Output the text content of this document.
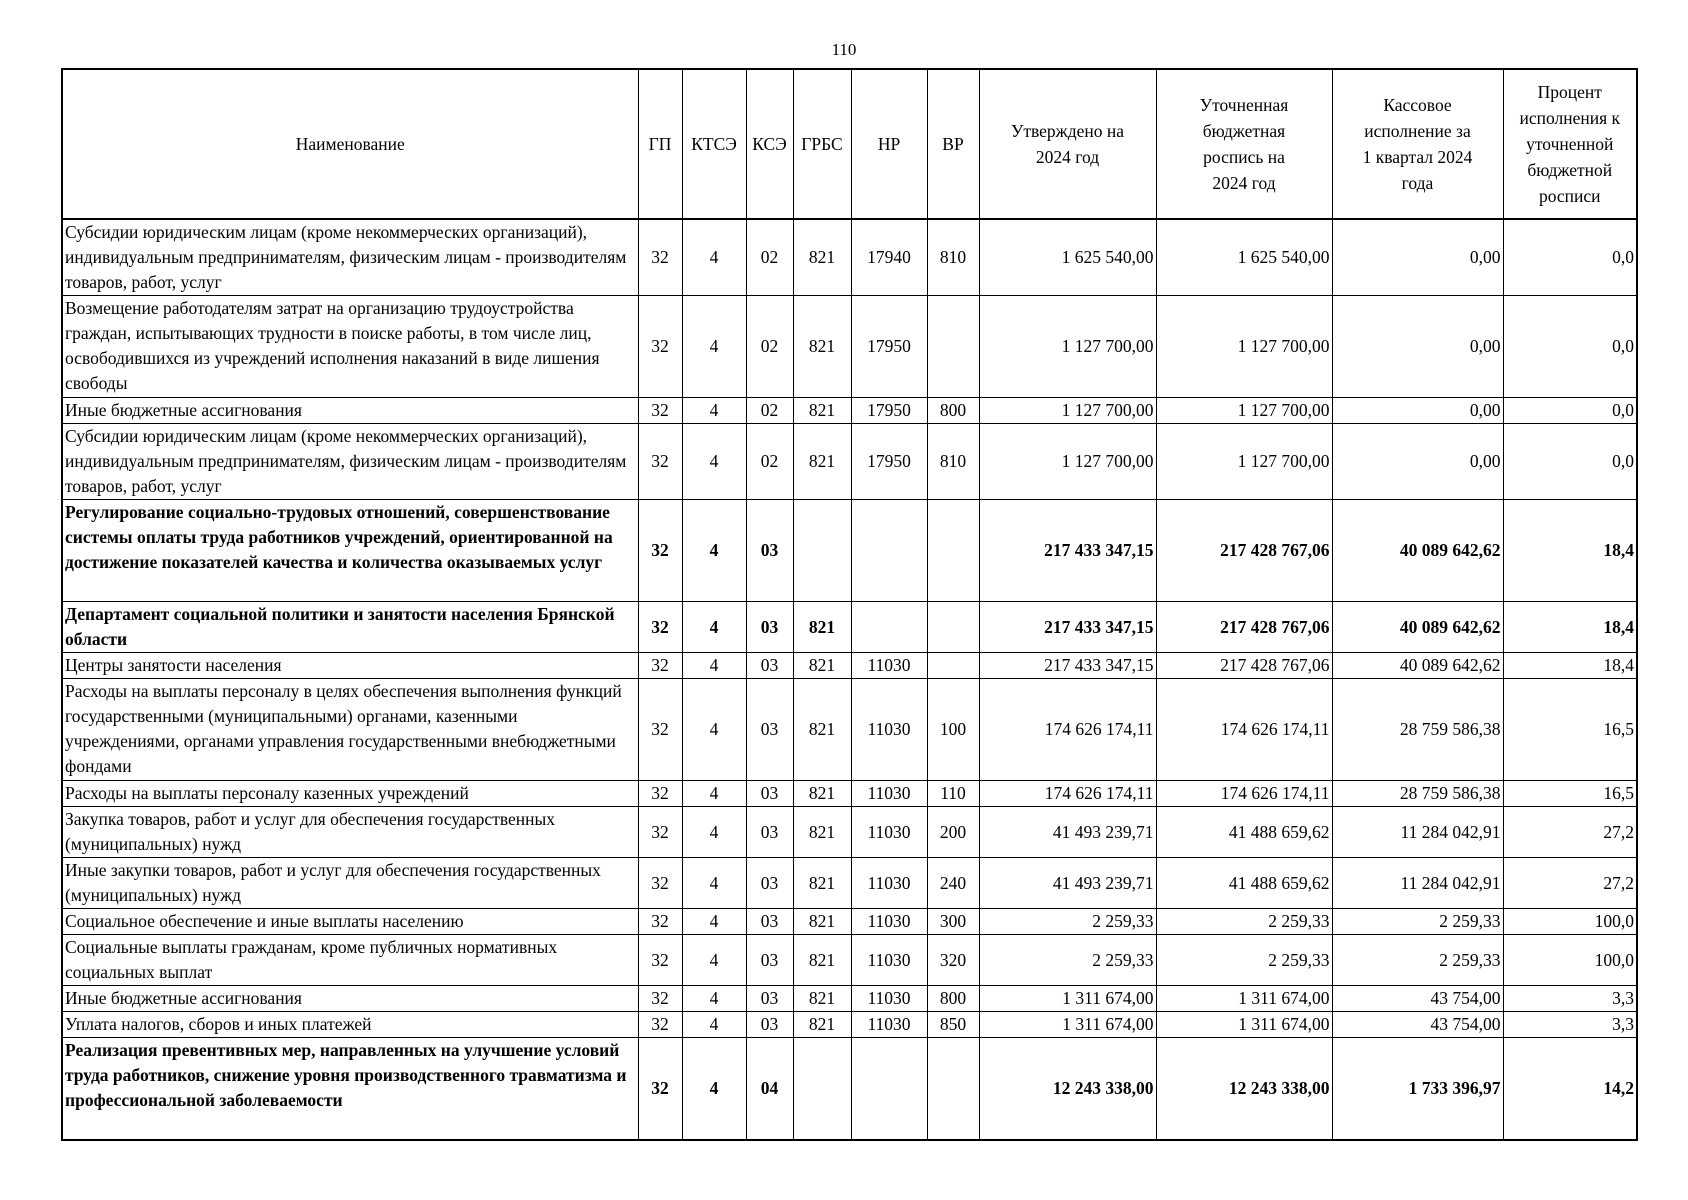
110
Наименование	ГП	КТСЭ	КСЭ	ГРБС	НР	ВР	Утверждено на 2024 год	Уточненная бюджетная роспись на 2024 год	Кассовое исполнение за 1 квартал 2024 года	Процент исполнения к уточненной бюджетной росписи
Субсидии юридическим лицам (кроме некоммерческих организаций), индивидуальным предпринимателям, физическим лицам - производителям товаров, работ, услуг	32	4	02	821	17940	810	1 625 540,00	1 625 540,00	0,00	0,0
Возмещение работодателям затрат на организацию трудоустройства граждан, испытывающих трудности в поиске работы, в том числе лиц, освободившихся из учреждений исполнения наказаний в виде лишения свободы	32	4	02	821	17950		1 127 700,00	1 127 700,00	0,00	0,0
Иные бюджетные ассигнования	32	4	02	821	17950	800	1 127 700,00	1 127 700,00	0,00	0,0
Субсидии юридическим лицам (кроме некоммерческих организаций), индивидуальным предпринимателям, физическим лицам - производителям товаров, работ, услуг	32	4	02	821	17950	810	1 127 700,00	1 127 700,00	0,00	0,0
Регулирование социально-трудовых отношений, совершенствование системы оплаты труда работников учреждений, ориентированной на достижение показателей качества и количества оказываемых услуг	32	4	03				217 433 347,15	217 428 767,06	40 089 642,62	18,4
Департамент социальной политики и занятости населения Брянской области	32	4	03	821			217 433 347,15	217 428 767,06	40 089 642,62	18,4
Центры занятости населения	32	4	03	821	11030		217 433 347,15	217 428 767,06	40 089 642,62	18,4
Расходы на выплаты персоналу в целях обеспечения выполнения функций государственными (муниципальными) органами, казенными учреждениями, органами управления государственными внебюджетными фондами	32	4	03	821	11030	100	174 626 174,11	174 626 174,11	28 759 586,38	16,5
Расходы на выплаты персоналу казенных учреждений	32	4	03	821	11030	110	174 626 174,11	174 626 174,11	28 759 586,38	16,5
Закупка товаров, работ и услуг для обеспечения государственных (муниципальных) нужд	32	4	03	821	11030	200	41 493 239,71	41 488 659,62	11 284 042,91	27,2
Иные закупки товаров, работ и услуг для обеспечения государственных (муниципальных) нужд	32	4	03	821	11030	240	41 493 239,71	41 488 659,62	11 284 042,91	27,2
Социальное обеспечение и иные выплаты населению	32	4	03	821	11030	300	2 259,33	2 259,33	2 259,33	100,0
Социальные выплаты гражданам, кроме публичных нормативных социальных выплат	32	4	03	821	11030	320	2 259,33	2 259,33	2 259,33	100,0
Иные бюджетные ассигнования	32	4	03	821	11030	800	1 311 674,00	1 311 674,00	43 754,00	3,3
Уплата налогов, сборов и иных платежей	32	4	03	821	11030	850	1 311 674,00	1 311 674,00	43 754,00	3,3
Реализация превентивных мер, направленных на улучшение условий труда работников, снижение уровня производственного травматизма и профессиональной заболеваемости	32	4	04				12 243 338,00	12 243 338,00	1 733 396,97	14,2
